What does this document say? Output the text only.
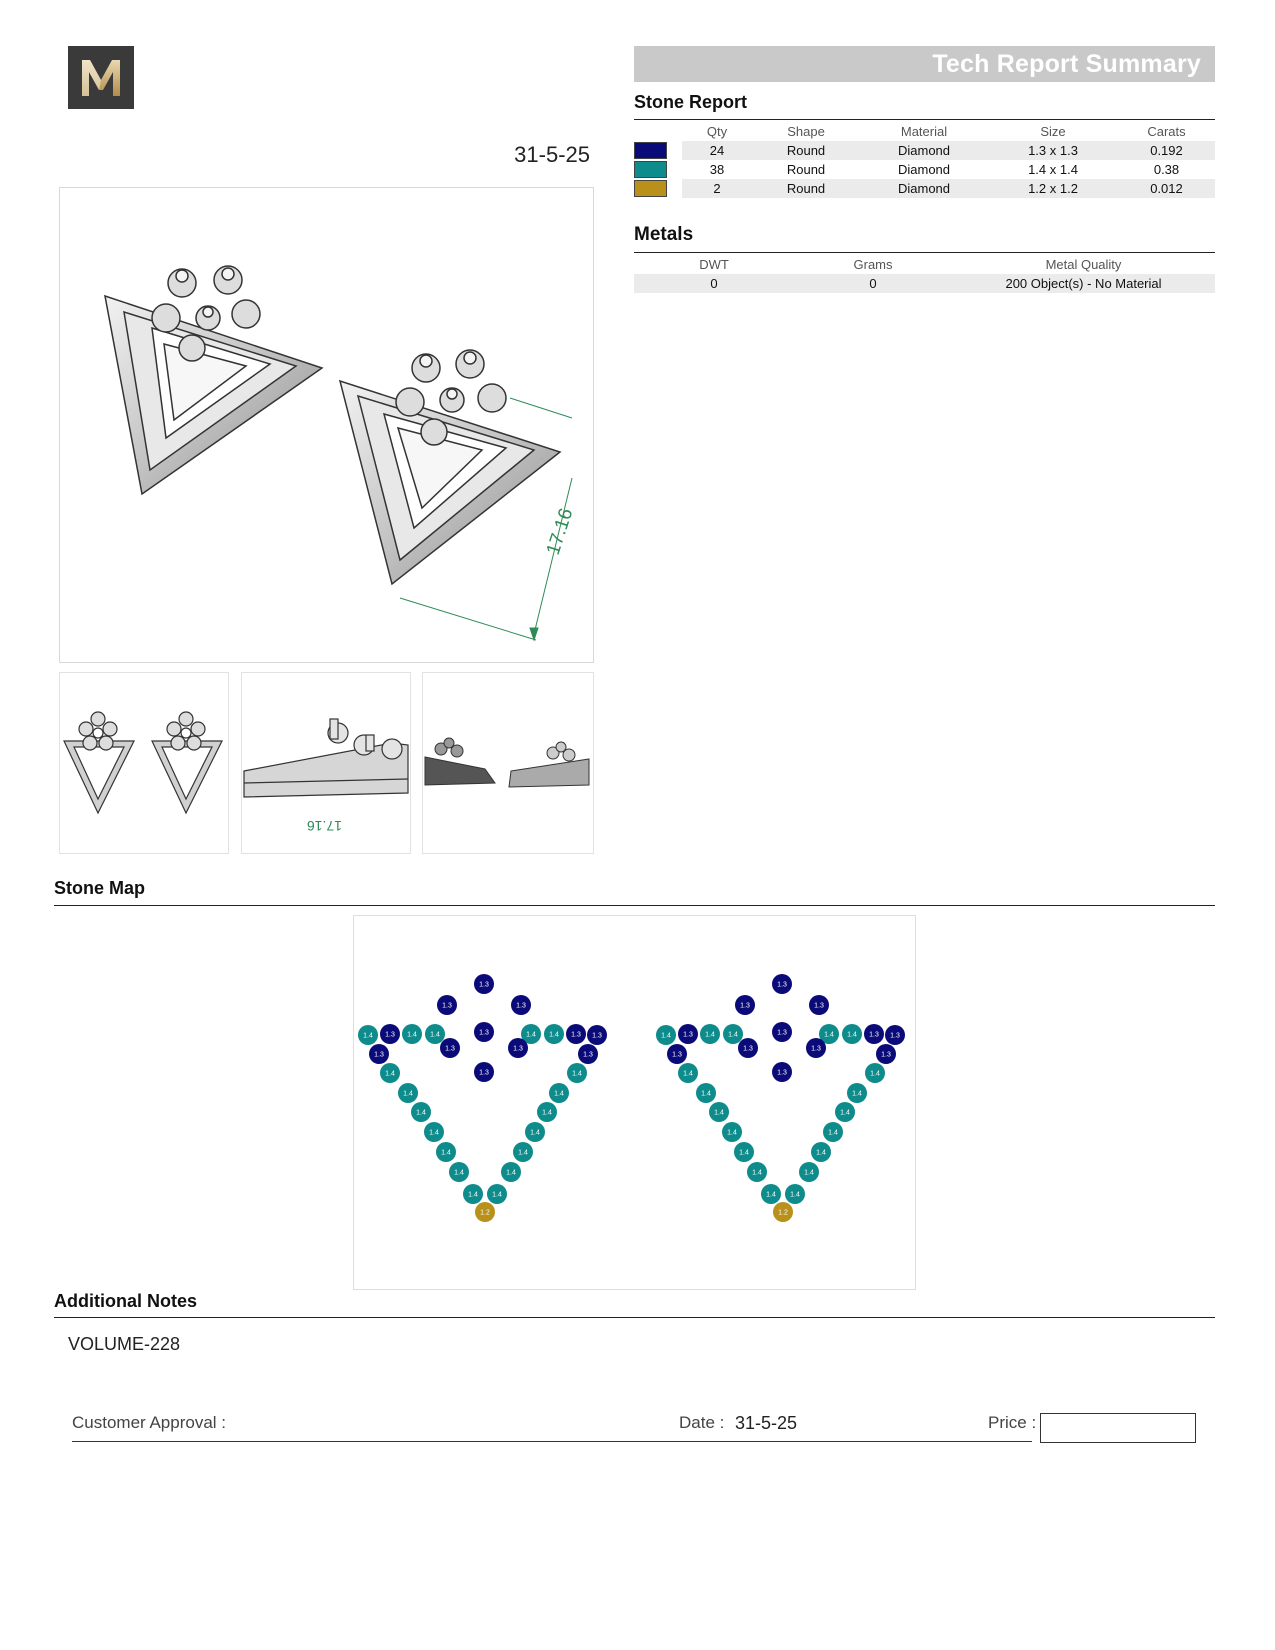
31-5-25
17.16
17.16
Tech Report Summary
Stone Report
	Qty	Shape	Material	Size	Carats
	24	Round	Diamond	1.3 x 1.3	0.192
	38	Round	Diamond	1.4 x 1.4	0.38
	2	Round	Diamond	1.2 x 1.2	0.012
Metals
DWT	Grams	Metal Quality
0	0	200 Object(s) - No Material
Stone Map
1.3
1.3	1.3
1.4 1.3 1.4 1.4	1.3	1.4 1.4 1.3 1.3
1.3	1.3
1.3	1.3
1.3
1.4	1.4
1.4	1.4
1.4	1.4
1.4	1.4
1.4	1.4
1.4	1.4
1.4 1.4
1.2
1.3
1.3	1.3
1.4 1.3 1.4 1.4	1.3	1.4 1.4 1.3 1.3
1.3	1.3
1.3	1.3
1.3
1.4	1.4
1.4	1.4
1.4	1.4
1.4	1.4
1.4	1.4
1.4	1.4
1.4 1.4
1.2
Additional Notes
VOLUME-228
Customer Approval :	Date : 31-5-25	Price :
